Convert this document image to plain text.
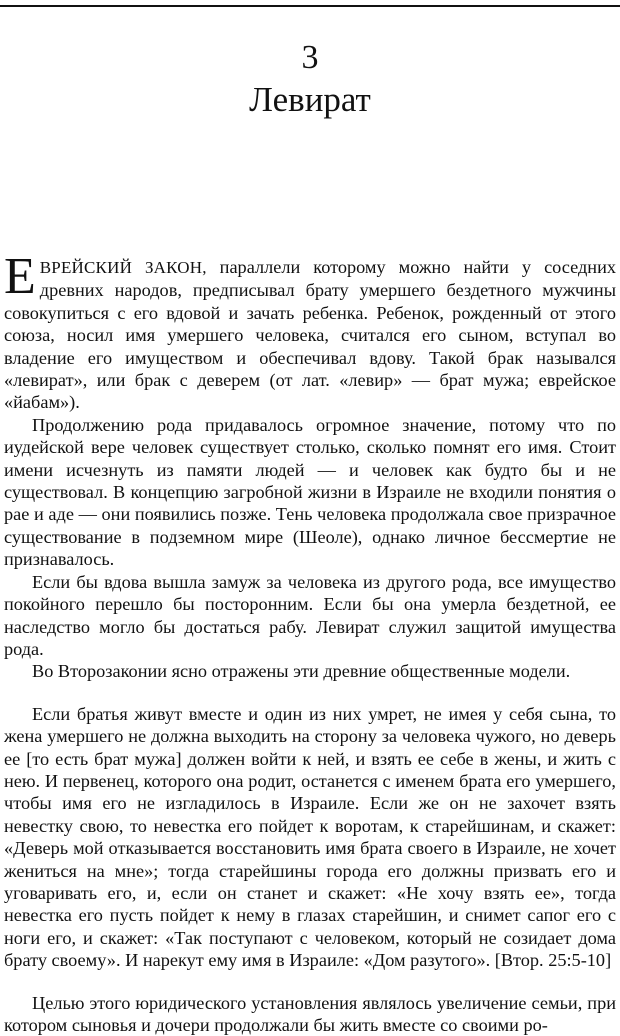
3
Левират

ЕВРЕЙСКИЙ ЗАКОН, параллели которому можно найти у соседних древних народов, предписывал брату умершего бездетного мужчины совокупиться с его вдовой и зачать ребенка. Ребенок, рожденный от этого союза, носил имя умершего человека, считался его сыном, вступал во владение его имуществом и обеспечивал вдову. Такой брак назывался «левират», или брак с деверем (от лат. «левир» — брат мужа; еврейское «йабам»).

Продолжению рода придавалось огромное значение, потому что по иудейской вере человек существует столько, сколько помнят его имя. Стоит имени исчезнуть из памяти людей — и человек как будто бы и не существовал. В концепцию загробной жизни в Израиле не входили понятия о рае и аде — они появились позже. Тень человека продолжала свое призрачное существование в подземном мире (Шеоле), однако личное бессмертие не признавалось.

Если бы вдова вышла замуж за человека из другого рода, все имущество покойного перешло бы посторонним. Если бы она умерла бездетной, ее наследство могло бы достаться рабу. Левират служил защитой имущества рода.

Во Второзаконии ясно отражены эти древние общественные модели.

Если братья живут вместе и один из них умрет, не имея у себя сына, то жена умершего не должна выходить на сторону за человека чужого, но деверь ее [то есть брат мужа] должен войти к ней, и взять ее себе в жены, и жить с нею. И первенец, которого она родит, останется с именем брата его умершего, чтобы имя его не изгладилось в Израиле. Если же он не захочет взять невестку свою, то невестка его пойдет к воротам, к старейшинам, и скажет: «Деверь мой отказывается восстановить имя брата своего в Израиле, не хочет жениться на мне»; тогда старейшины города его должны призвать его и уговаривать его, и, если он станет и скажет: «Не хочу взять ее», тогда невестка его пусть пойдет к нему в глазах старейшин, и снимет сапог его с ноги его, и скажет: «Так поступают с человеком, который не созидает дома брату своему». И нарекут ему имя в Израиле: «Дом разутого». [Втор. 25:5-10]

Целью этого юридического установления являлось увеличение семьи, при котором сыновья и дочери продолжали бы жить вместе со своими ро-
